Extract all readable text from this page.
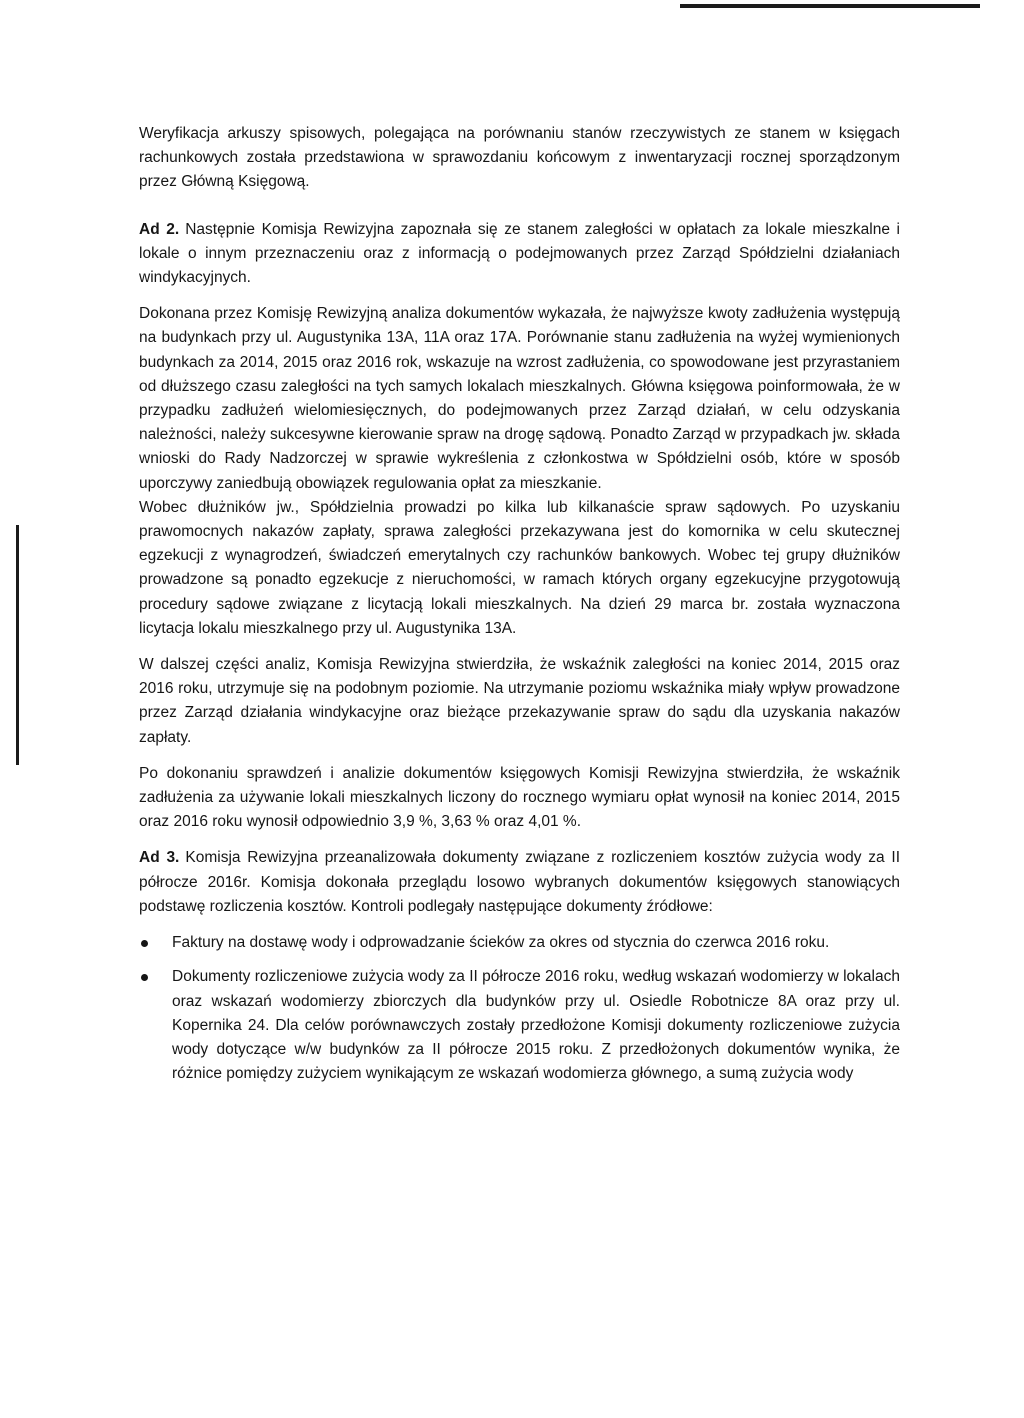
Weryfikacja arkuszy spisowych, polegająca na porównaniu stanów rzeczywistych ze stanem w księgach rachunkowych została przedstawiona w sprawozdaniu końcowym z inwentaryzacji rocznej sporządzonym przez Główną Księgową.

Ad 2. Następnie Komisja Rewizyjna zapoznała się ze stanem zaległości w opłatach za lokale mieszkalne i lokale o innym przeznaczeniu oraz z informacją o podejmowanych przez Zarząd Spółdzielni działaniach windykacyjnych.

Dokonana przez Komisję Rewizyjną analiza dokumentów wykazała, że najwyższe kwoty zadłużenia występują na budynkach przy ul. Augustynika 13A, 11A oraz 17A. Porównanie stanu zadłużenia na wyżej wymienionych budynkach za 2014, 2015 oraz 2016 rok, wskazuje na wzrost zadłużenia, co spowodowane jest przyrastaniem od dłuższego czasu zaległości na tych samych lokalach mieszkalnych. Główna księgowa poinformowała, że w przypadku zadłużeń wielomiesięcznych, do podejmowanych przez Zarząd działań, w celu odzyskania należności, należy sukcesywne kierowanie spraw na drogę sądową. Ponadto Zarząd w przypadkach jw. składa wnioski do Rady Nadzorczej w sprawie wykreślenia z członkostwa w Spółdzielni osób, które w sposób uporczywy zaniedbują obowiązek regulowania opłat za mieszkanie.

Wobec dłużników jw., Spółdzielnia prowadzi po kilka lub kilkanaście spraw sądowych. Po uzyskaniu prawomocnych nakazów zapłaty, sprawa zaległości przekazywana jest do komornika w celu skutecznej egzekucji z wynagrodzeń, świadczeń emerytalnych czy rachunków bankowych. Wobec tej grupy dłużników prowadzone są ponadto egzekucje z nieruchomości, w ramach których organy egzekucyjne przygotowują procedury sądowe związane z licytacją lokali mieszkalnych. Na dzień 29 marca br. została wyznaczona licytacja lokalu mieszkalnego przy ul. Augustynika 13A.

W dalszej części analiz, Komisja Rewizyjna stwierdziła, że wskaźnik zaległości na koniec 2014, 2015 oraz 2016 roku, utrzymuje się na podobnym poziomie. Na utrzymanie poziomu wskaźnika miały wpływ prowadzone przez Zarząd działania windykacyjne oraz bieżące przekazywanie spraw do sądu dla uzyskania nakazów zapłaty.

Po dokonaniu sprawdzeń i analizie dokumentów księgowych Komisji Rewizyjna stwierdziła, że wskaźnik zadłużenia za używanie lokali mieszkalnych liczony do rocznego wymiaru opłat wynosił na koniec 2014, 2015 oraz 2016 roku wynosił odpowiednio 3,9 %, 3,63 % oraz 4,01 %.

Ad 3. Komisja Rewizyjna przeanalizowała dokumenty związane z rozliczeniem kosztów zużycia wody za II półrocze 2016r. Komisja dokonała przeglądu losowo wybranych dokumentów księgowych stanowiących podstawę rozliczenia kosztów. Kontroli podlegały następujące dokumenty źródłowe:

Faktury na dostawę wody i odprowadzanie ścieków za okres od stycznia do czerwca 2016 roku.
Dokumenty rozliczeniowe zużycia wody za II półrocze 2016 roku, według wskazań wodomierzy w lokalach oraz wskazań wodomierzy zbiorczych dla budynków przy ul. Osiedle Robotnicze 8A oraz przy ul. Kopernika 24. Dla celów porównawczych zostały przedłożone Komisji dokumenty rozliczeniowe zużycia wody dotyczące w/w budynków za II półrocze 2015 roku. Z przedłożonych dokumentów wynika, że różnice pomiędzy zużyciem wynikającym ze wskazań wodomierza głównego, a sumą zużycia wody
